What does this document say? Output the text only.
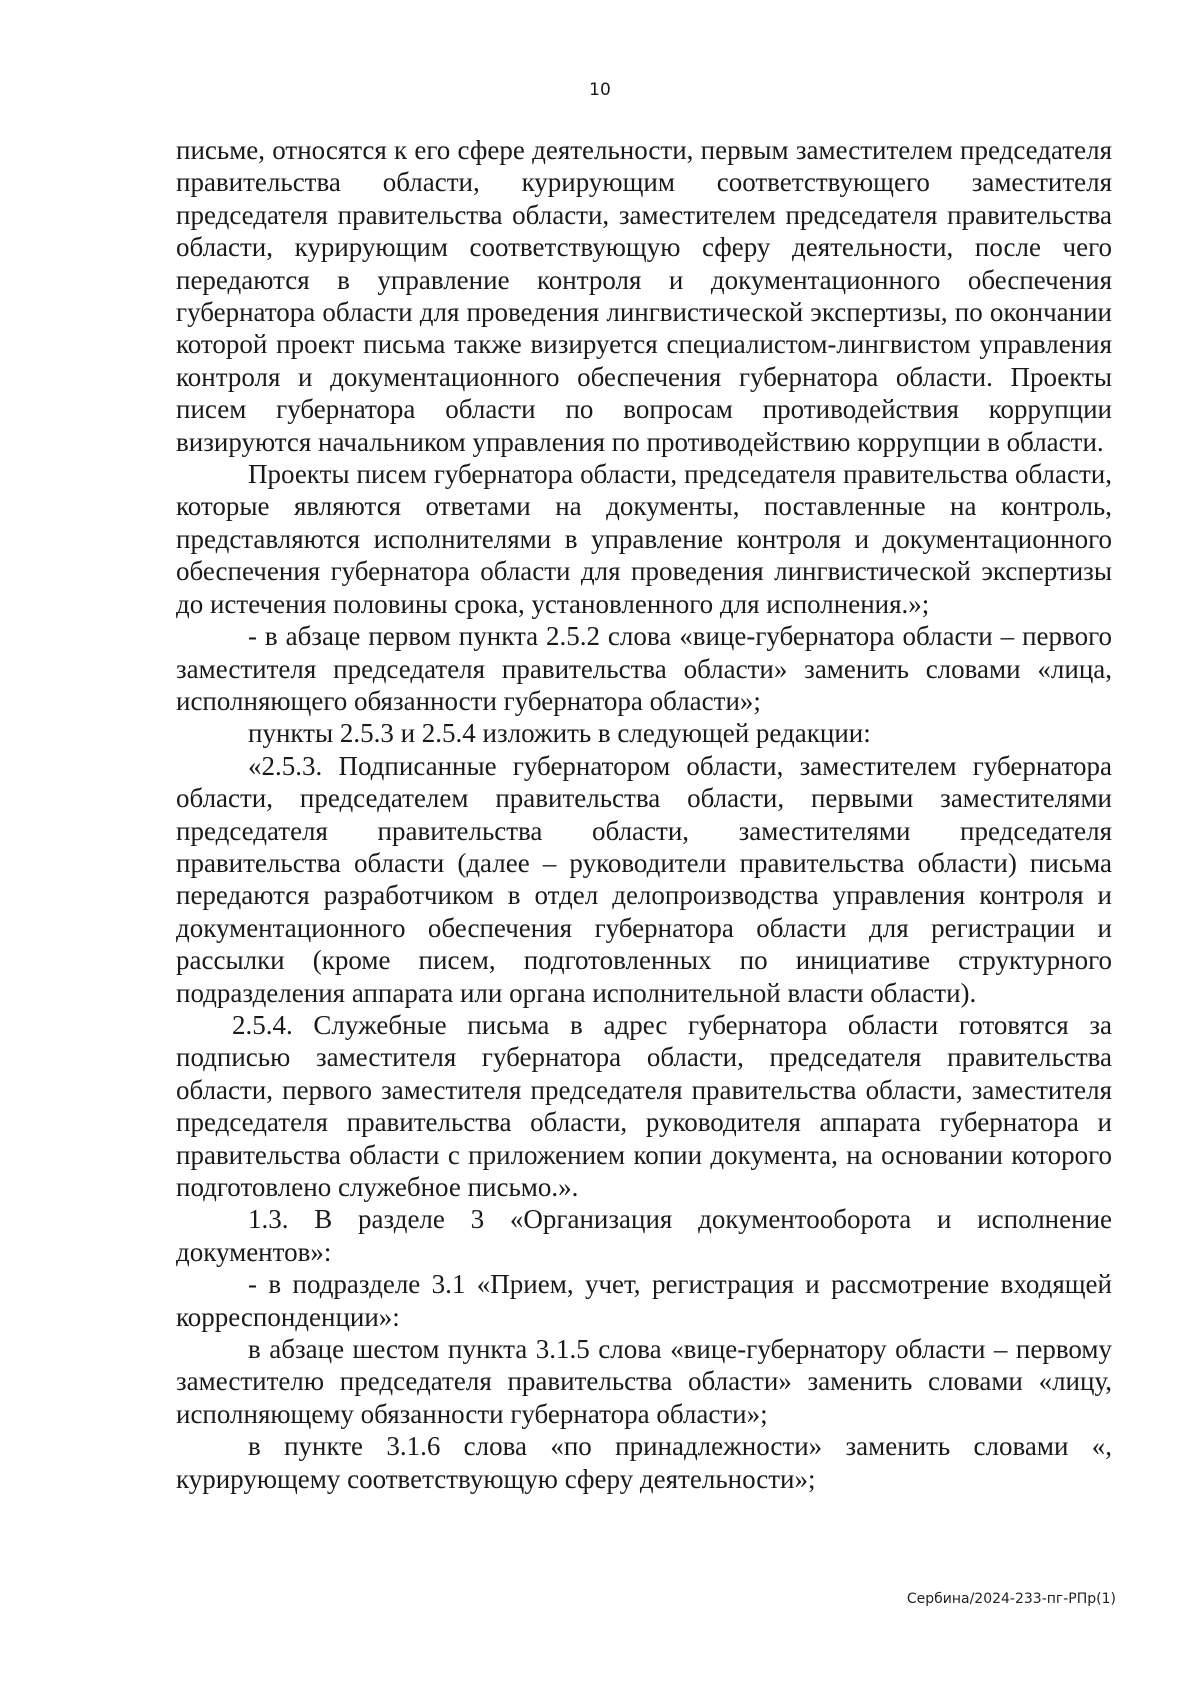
10

письме, относятся к его сфере деятельности, первым заместителем председателя правительства области, курирующим соответствующего заместителя председателя правительства области, заместителем председателя правительства области, курирующим соответствующую сферу деятельности, после чего передаются в управление контроля и документационного обеспечения губернатора области для проведения лингвистической экспертизы, по окончании которой проект письма также визируется специалистом-лингвистом управления контроля и документационного обеспечения губернатора области. Проекты писем губернатора области по вопросам противодействия коррупции визируются начальником управления по противодействию коррупции в области.

Проекты писем губернатора области, председателя правительства области, которые являются ответами на документы, поставленные на контроль, представляются исполнителями в управление контроля и документационного обеспечения губернатора области для проведения лингвистической экспертизы до истечения половины срока, установленного для исполнения.»;

- в абзаце первом пункта 2.5.2 слова «вице-губернатора области – первого заместителя председателя правительства области» заменить словами «лица, исполняющего обязанности губернатора области»;

пункты 2.5.3 и 2.5.4 изложить в следующей редакции:

«2.5.3. Подписанные губернатором области, заместителем губернатора области, председателем правительства области, первыми заместителями председателя правительства области, заместителями председателя правительства области (далее – руководители правительства области) письма передаются разработчиком в отдел делопроизводства управления контроля и документационного обеспечения губернатора области для регистрации и рассылки (кроме писем, подготовленных по инициативе структурного подразделения аппарата или органа исполнительной власти области).

2.5.4. Служебные письма в адрес губернатора области готовятся за подписью заместителя губернатора области, председателя правительства области, первого заместителя председателя правительства области, заместителя председателя правительства области, руководителя аппарата губернатора и правительства области с приложением копии документа, на основании которого подготовлено служебное письмо.».

1.3. В разделе 3 «Организация документооборота и исполнение документов»:

- в подразделе 3.1 «Прием, учет, регистрация и рассмотрение входящей корреспонденции»:

в абзаце шестом пункта 3.1.5 слова «вице-губернатору области – первому заместителю председателя правительства области» заменить словами «лицу, исполняющему обязанности губернатора области»;

в пункте 3.1.6 слова «по принадлежности» заменить словами «, курирующему соответствующую сферу деятельности»;

Сербина/2024-233-пг-РПр(1)
